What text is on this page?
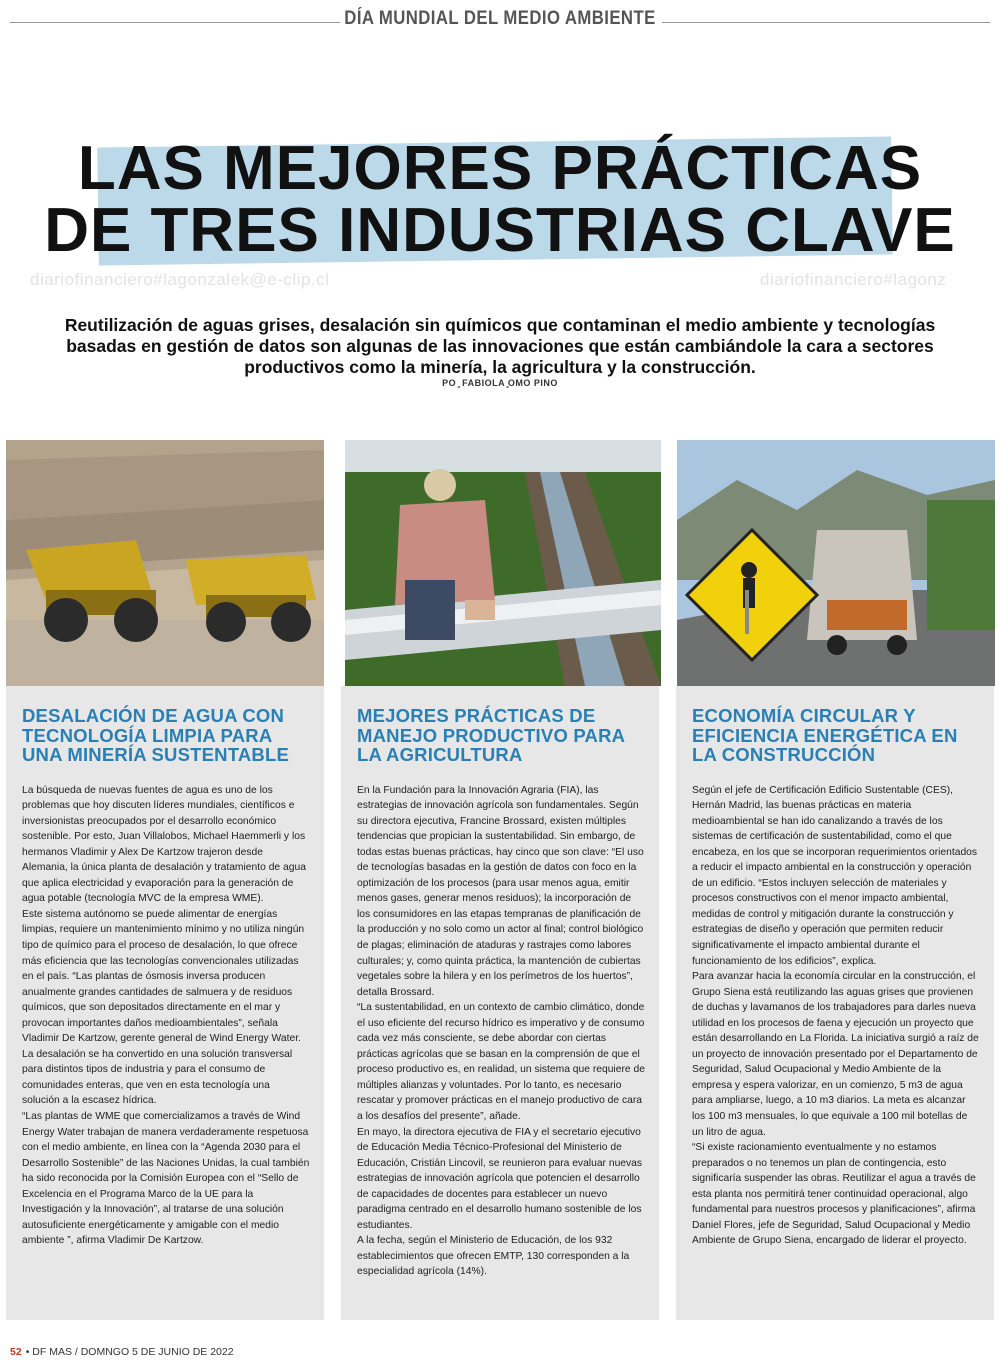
DÍA MUNDIAL DEL MEDIO AMBIENTE
LAS MEJORES PRÁCTICAS
DE TRES INDUSTRIAS CLAVE
diariofinanciero#lagonzalek@e-clip.cl	diariofinanciero#lagonz

Reutilización de aguas grises, desalación sin químicos que contaminan el medio ambiente y tecnologías basadas en gestión de datos son algunas de las innovaciones que están cambiándole la cara a sectores productivos como la minería, la agricultura y la construcción.

PO ̧ FABIOLA ̧OMO PINO
DESALACIÓN DE AGUA CON TECNOLOGÍA LIMPIA PARA UNA MINERÍA SUSTENTABLE

La búsqueda de nuevas fuentes de agua es uno de los problemas que hoy discuten líderes mundiales, científicos e inversionistas preocupados por el desarrollo económico sostenible. Por esto, Juan Villalobos, Michael Haemmerli y los hermanos Vladimir y Alex De Kartzow trajeron desde Alemania, la única planta de desalación y tratamiento de agua que aplica electricidad y evaporación para la generación de agua potable (tecnología MVC de la empresa WME).

Este sistema autónomo se puede alimentar de energías limpias, requiere un mantenimiento mínimo y no utiliza ningún tipo de químico para el proceso de desalación, lo que ofrece más eficiencia que las tecnologías convencionales utilizadas en el país. “Las plantas de ósmosis inversa producen anualmente grandes cantidades de salmuera y de residuos químicos, que son depositados directamente en el mar y provocan importantes daños medioambientales”, señala Vladimir De Kartzow, gerente general de Wind Energy Water.

La desalación se ha convertido en una solución transversal para distintos tipos de industria y para el consumo de comunidades enteras, que ven en esta tecnología una solución a la escasez hídrica.

“Las plantas de WME que comercializamos a través de Wind Energy Water trabajan de manera verdaderamente respetuosa con el medio ambiente, en línea con la “Agenda 2030 para el Desarrollo Sostenible” de las Naciones Unidas, la cual también ha sido reconocida por la Comisión Europea con el “Sello de Excelencia en el Programa Marco de la UE para la Investigación y la Innovación”, al tratarse de una solución autosuficiente energéticamente y amigable con el medio ambiente ”, afirma Vladimir De Kartzow.

MEJORES PRÁCTICAS DE MANEJO PRODUCTIVO PARA LA AGRICULTURA

En la Fundación para la Innovación Agraria (FIA), las estrategias de innovación agrícola son fundamentales. Según su directora ejecutiva, Francine Brossard, existen múltiples tendencias que propician la sustentabilidad. Sin embargo, de todas estas buenas prácticas, hay cinco que son clave: “El uso de tecnologías basadas en la gestión de datos con foco en la optimización de los procesos (para usar menos agua, emitir menos gases, generar menos residuos); la incorporación de los consumidores en las etapas tempranas de planificación de la producción y no solo como un actor al final; control biológico de plagas; eliminación de ataduras y rastrajes como labores culturales; y, como quinta práctica, la mantención de cubiertas vegetales sobre la hilera y en los perímetros de los huertos”, detalla Brossard.

“La sustentabilidad, en un contexto de cambio climático, donde el uso eficiente del recurso hídrico es imperativo y de consumo cada vez más consciente, se debe abordar con ciertas prácticas agrícolas que se basan en la comprensión de que el proceso productivo es, en realidad, un sistema que requiere de múltiples alianzas y voluntades. Por lo tanto, es necesario rescatar y promover prácticas en el manejo productivo de cara a los desafíos del presente”, añade.

En mayo, la directora ejecutiva de FIA y el secretario ejecutivo de Educación Media Técnico-Profesional del Ministerio de Educación, Cristián Lincovil, se reunieron para evaluar nuevas estrategias de innovación agrícola que potencien el desarrollo de capacidades de docentes para establecer un nuevo paradigma centrado en el desarrollo humano sostenible de los estudiantes.

A la fecha, según el Ministerio de Educación, de los 932 establecimientos que ofrecen EMTP, 130 corresponden a la especialidad agrícola (14%).

ECONOMÍA CIRCULAR Y EFICIENCIA ENERGÉTICA EN LA CONSTRUCCIÓN

Según el jefe de Certificación Edificio Sustentable (CES), Hernán Madrid, las buenas prácticas en materia medioambiental se han ido canalizando a través de los sistemas de certificación de sustentabilidad, como el que encabeza, en los que se incorporan requerimientos orientados a reducir el impacto ambiental en la construcción y operación de un edificio. “Estos incluyen selección de materiales y procesos constructivos con el menor impacto ambiental, medidas de control y mitigación durante la construcción y estrategias de diseño y operación que permiten reducir significativamente el impacto ambiental durante el funcionamiento de los edificios”, explica.

Para avanzar hacia la economía circular en la construcción, el Grupo Siena está reutilizando las aguas grises que provienen de duchas y lavamanos de los trabajadores para darles nueva utilidad en los procesos de faena y ejecución un proyecto que están desarrollando en La Florida. La iniciativa surgió a raíz de un proyecto de innovación presentado por el Departamento de Seguridad, Salud Ocupacional y Medio Ambiente de la empresa y espera valorizar, en un comienzo, 5 m3 de agua para ampliarse, luego, a 10 m3 diarios. La meta es alcanzar los 100 m3 mensuales, lo que equivale a 100 mil botellas de un litro de agua.

“Si existe racionamiento eventualmente y no estamos preparados o no tenemos un plan de contingencia, esto significaría suspender las obras. Reutilizar el agua a través de esta planta nos permitirá tener continuidad operacional, algo fundamental para nuestros procesos y planificaciones”, afirma Daniel Flores, jefe de Seguridad, Salud Ocupacional y Medio Ambiente de Grupo Siena, encargado de liderar el proyecto.

52 • DF MAS / DOMNGO 5 DE JUNIO DE 2022
